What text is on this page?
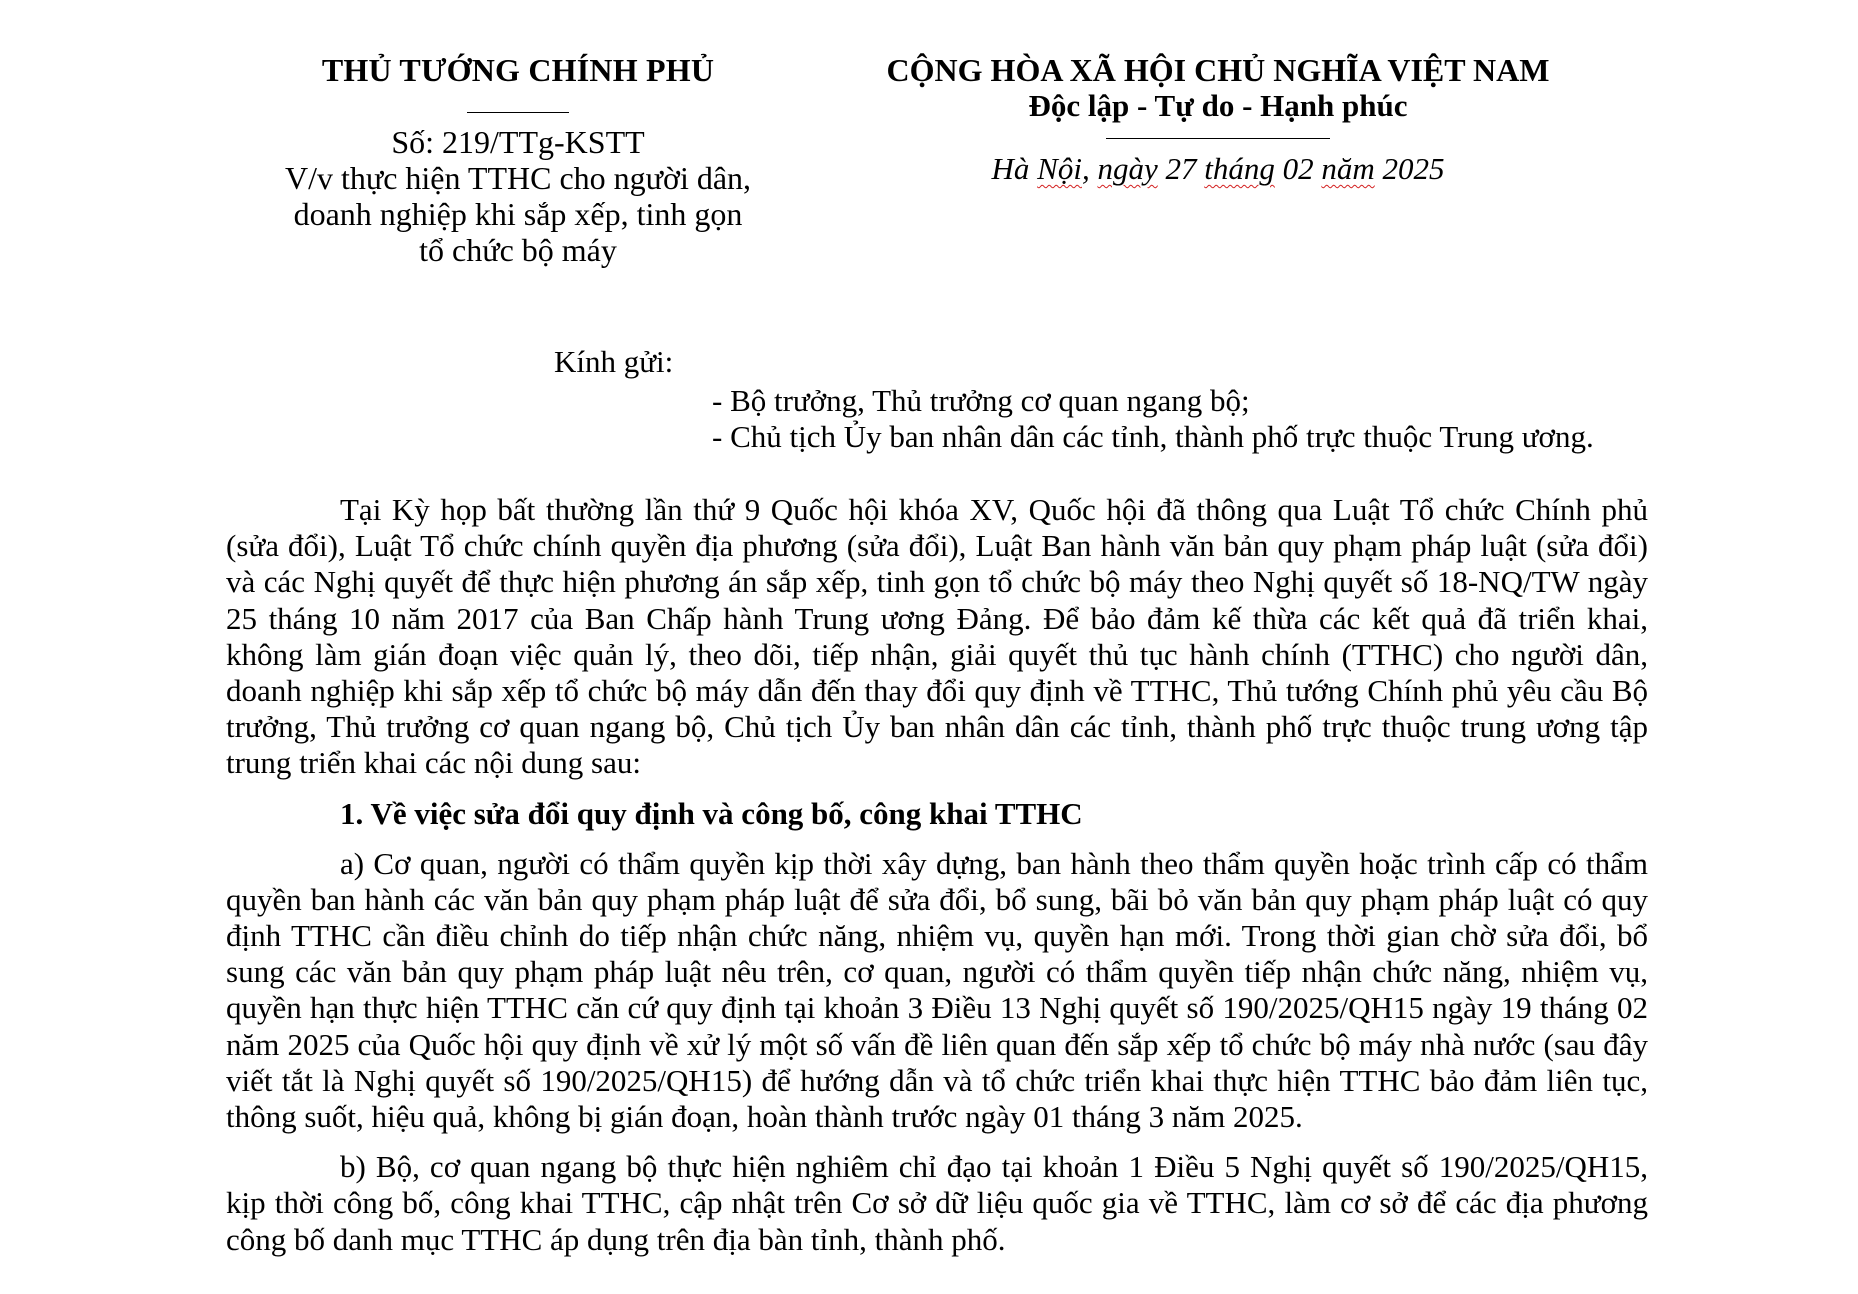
THỦ TƯỚNG CHÍNH PHỦ
Số: 219/TTg-KSTT
V/v thực hiện TTHC cho người dân,
doanh nghiệp khi sắp xếp, tinh gọn
tổ chức bộ máy
CỘNG HÒA XÃ HỘI CHỦ NGHĨA VIỆT NAM
Độc lập - Tự do - Hạnh phúc
Hà Nội, ngày 27 tháng 02 năm 2025
Kính gửi:
- Bộ trưởng, Thủ trưởng cơ quan ngang bộ;
- Chủ tịch Ủy ban nhân dân các tỉnh, thành phố trực thuộc Trung ương.

Tại Kỳ họp bất thường lần thứ 9 Quốc hội khóa XV, Quốc hội đã thông qua Luật Tổ chức Chính phủ (sửa đổi), Luật Tổ chức chính quyền địa phương (sửa đổi), Luật Ban hành văn bản quy phạm pháp luật (sửa đổi) và các Nghị quyết để thực hiện phương án sắp xếp, tinh gọn tổ chức bộ máy theo Nghị quyết số 18-NQ/TW ngày 25 tháng 10 năm 2017 của Ban Chấp hành Trung ương Đảng. Để bảo đảm kế thừa các kết quả đã triển khai, không làm gián đoạn việc quản lý, theo dõi, tiếp nhận, giải quyết thủ tục hành chính (TTHC) cho người dân, doanh nghiệp khi sắp xếp tổ chức bộ máy dẫn đến thay đổi quy định về TTHC, Thủ tướng Chính phủ yêu cầu Bộ trưởng, Thủ trưởng cơ quan ngang bộ, Chủ tịch Ủy ban nhân dân các tỉnh, thành phố trực thuộc trung ương tập trung triển khai các nội dung sau:

1. Về việc sửa đổi quy định và công bố, công khai TTHC

a) Cơ quan, người có thẩm quyền kịp thời xây dựng, ban hành theo thẩm quyền hoặc trình cấp có thẩm quyền ban hành các văn bản quy phạm pháp luật để sửa đổi, bổ sung, bãi bỏ văn bản quy phạm pháp luật có quy định TTHC cần điều chỉnh do tiếp nhận chức năng, nhiệm vụ, quyền hạn mới. Trong thời gian chờ sửa đổi, bổ sung các văn bản quy phạm pháp luật nêu trên, cơ quan, người có thẩm quyền tiếp nhận chức năng, nhiệm vụ, quyền hạn thực hiện TTHC căn cứ quy định tại khoản 3 Điều 13 Nghị quyết số 190/2025/QH15 ngày 19 tháng 02 năm 2025 của Quốc hội quy định về xử lý một số vấn đề liên quan đến sắp xếp tổ chức bộ máy nhà nước (sau đây viết tắt là Nghị quyết số 190/2025/QH15) để hướng dẫn và tổ chức triển khai thực hiện TTHC bảo đảm liên tục, thông suốt, hiệu quả, không bị gián đoạn, hoàn thành trước ngày 01 tháng 3 năm 2025.

b) Bộ, cơ quan ngang bộ thực hiện nghiêm chỉ đạo tại khoản 1 Điều 5 Nghị quyết số 190/2025/QH15, kịp thời công bố, công khai TTHC, cập nhật trên Cơ sở dữ liệu quốc gia về TTHC, làm cơ sở để các địa phương công bố danh mục TTHC áp dụng trên địa bàn tỉnh, thành phố.
